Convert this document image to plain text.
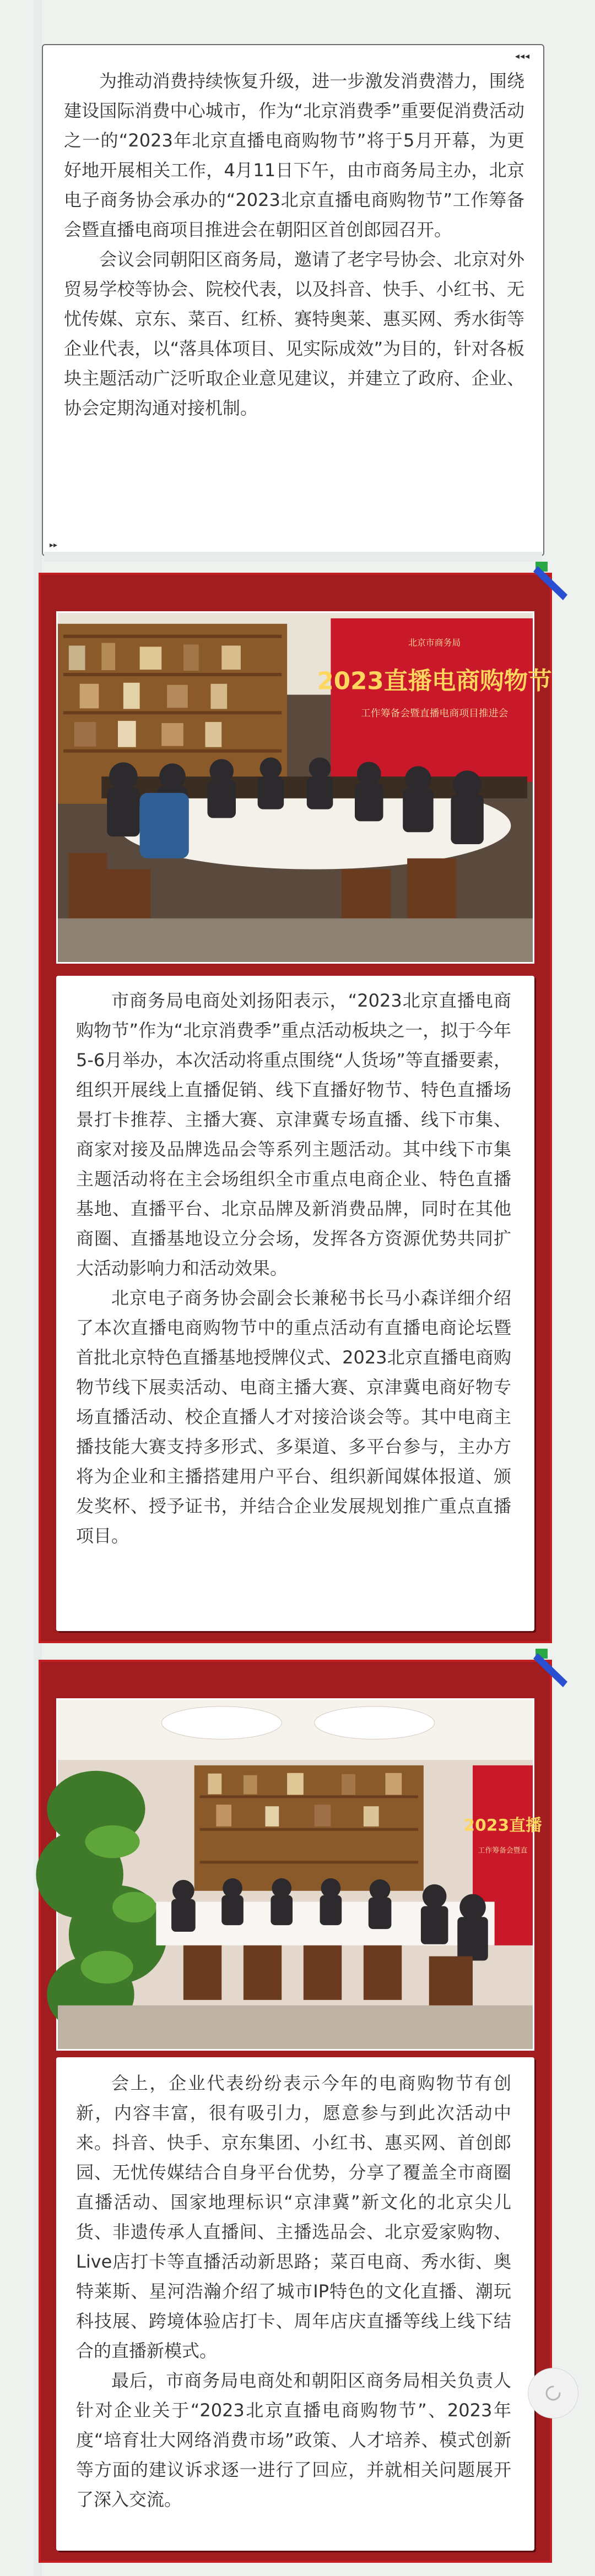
◂◂◂

为推动消费持续恢复升级，进一步激发消费潜力，围绕建设国际消费中心城市，作为“北京消费季”重要促消费活动之一的“2023年北京直播电商购物节”将于5月开幕，为更好地开展相关工作，4月11日下午，由市商务局主办，北京电子商务协会承办的“2023北京直播电商购物节”工作筹备会暨直播电商项目推进会在朝阳区首创郎园召开。

会议会同朝阳区商务局，邀请了老字号协会、北京对外贸易学校等协会、院校代表，以及抖音、快手、小红书、无忧传媒、京东、菜百、红桥、赛特奥莱、惠买网、秀水街等企业代表，以“落具体项目、见实际成效”为目的，针对各板块主题活动广泛听取企业意见建议，并建立了政府、企业、协会定期沟通对接机制。

▸▸
北京市商务局
2023直播电商购物节
工作筹备会暨直播电商项目推进会

市商务局电商处刘扬阳表示，“2023北京直播电商购物节”作为“北京消费季”重点活动板块之一，拟于今年5-6月举办，本次活动将重点围绕“人货场”等直播要素，组织开展线上直播促销、线下直播好物节、特色直播场景打卡推荐、主播大赛、京津冀专场直播、线下市集、商家对接及品牌选品会等系列主题活动。其中线下市集主题活动将在主会场组织全市重点电商企业、特色直播基地、直播平台、北京品牌及新消费品牌，同时在其他商圈、直播基地设立分会场，发挥各方资源优势共同扩大活动影响力和活动效果。

北京电子商务协会副会长兼秘书长马小森详细介绍了本次直播电商购物节中的重点活动有直播电商论坛暨首批北京特色直播基地授牌仪式、2023北京直播电商购物节线下展卖活动、电商主播大赛、京津冀电商好物专场直播活动、校企直播人才对接洽谈会等。其中电商主播技能大赛支持多形式、多渠道、多平台参与，主办方将为企业和主播搭建用户平台、组织新闻媒体报道、颁发奖杯、授予证书，并结合企业发展规划推广重点直播项目。

2023直播
工作筹备会暨直

会上，企业代表纷纷表示今年的电商购物节有创新，内容丰富，很有吸引力，愿意参与到此次活动中来。抖音、快手、京东集团、小红书、惠买网、首创郎园、无忧传媒结合自身平台优势，分享了覆盖全市商圈直播活动、国家地理标识“京津冀”新文化的北京尖儿货、非遗传承人直播间、主播选品会、北京爱家购物、Live店打卡等直播活动新思路；菜百电商、秀水街、奥特莱斯、星河浩瀚介绍了城市IP特色的文化直播、潮玩科技展、跨境体验店打卡、周年店庆直播等线上线下结合的直播新模式。

最后，市商务局电商处和朝阳区商务局相关负责人针对企业关于“2023北京直播电商购物节”、2023年度“培育壮大网络消费市场”政策、人才培养、模式创新等方面的建议诉求逐一进行了回应，并就相关问题展开了深入交流。
